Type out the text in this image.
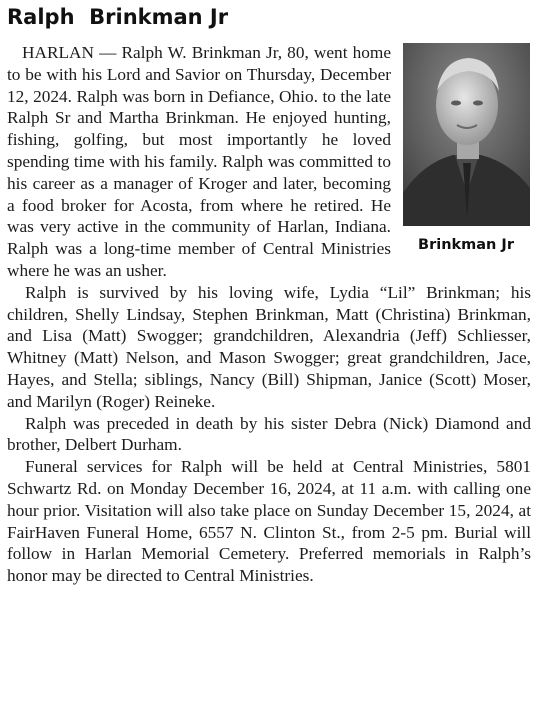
Ralph  Brinkman Jr
Brinkman Jr

HARLAN — Ralph W. Brinkman Jr, 80, went home to be with his Lord and Savior on Thursday, December 12, 2024. Ralph was born in Defiance, Ohio. to the late Ralph Sr and Martha Brinkman. He enjoyed hunting, fishing, golfing, but most importantly he loved spending time with his family. Ralph was committed to his career as a manager of Kroger and later, becoming a food broker for Acosta, from where he retired. He was very active in the community of Harlan, Indiana. Ralph was a long-time member of Central Ministries where he was an usher.

Ralph is survived by his loving wife, Lydia “Lil” Brinkman; his children, Shelly Lindsay, Stephen Brinkman, Matt (Christina) Brinkman, and Lisa (Matt) Swogger; grandchildren, Alexandria (Jeff) Schliesser, Whitney (Matt) Nelson, and Mason Swogger; great grandchildren, Jace, Hayes, and Stella; siblings, Nancy (Bill) Shipman, Janice (Scott) Moser, and Marilyn (Roger) Reineke.

Ralph was preceded in death by his sister Debra (Nick) Diamond and brother, Delbert Durham.

Funeral services for Ralph will be held at Central Ministries, 5801 Schwartz Rd. on Monday December 16, 2024, at 11 a.m. with calling one hour prior. Visitation will also take place on Sunday December 15, 2024, at FairHaven Funeral Home, 6557 N. Clinton St., from 2-5 pm. Burial will follow in Harlan Memorial Cemetery. Preferred memorials in Ralph’s honor may be directed to Central Ministries.
